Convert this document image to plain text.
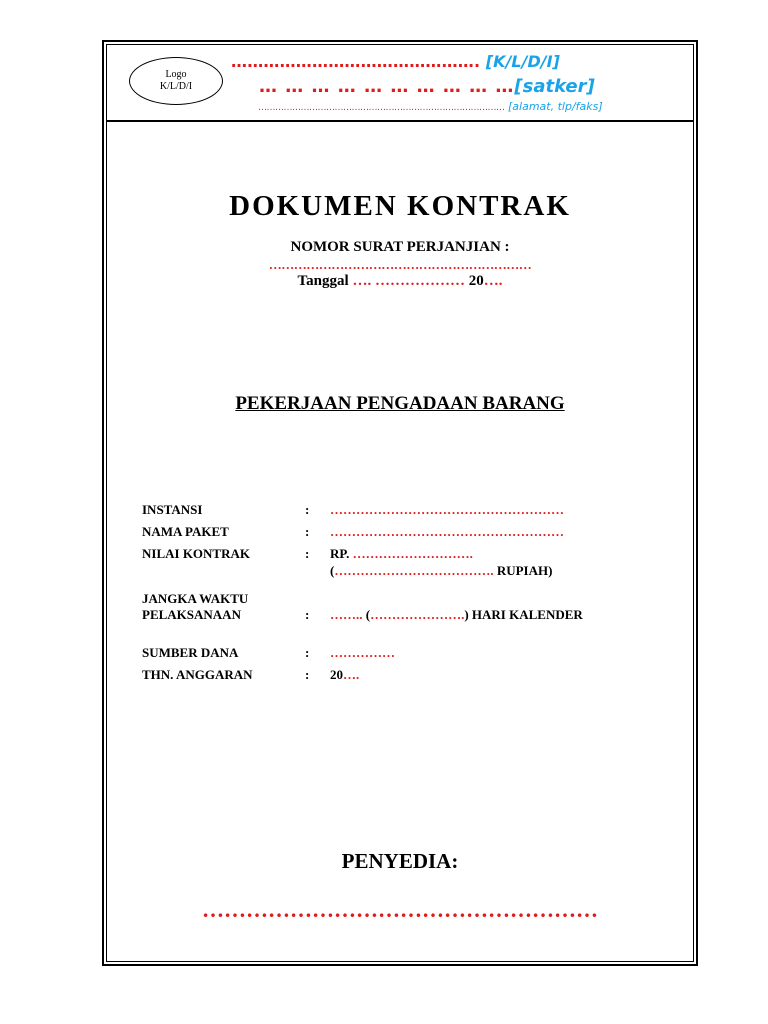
Logo
K/L/D/I
………………………………………. [K/L/D/I]
… … … … … … … … … …[satker]
…………………………………………………………………………… [alamat, tlp/faks]
DOKUMEN KONTRAK
NOMOR SURAT PERJANJIAN :
………………………………………………………
Tanggal …. ……………… 20….
PEKERJAAN PENGADAAN BARANG
INSTANSI	: ………………………………………………
NAMA PAKET	: ………………………………………………
NILAI KONTRAK	: RP. ……………………….
(………………………………. RUPIAH)
JANGKA WAKTU
PELAKSANAAN	: …….. (………………….) HARI KALENDER
SUMBER DANA	: ……………
THN. ANGGARAN	: 20….
PENYEDIA:
………………………………………………
